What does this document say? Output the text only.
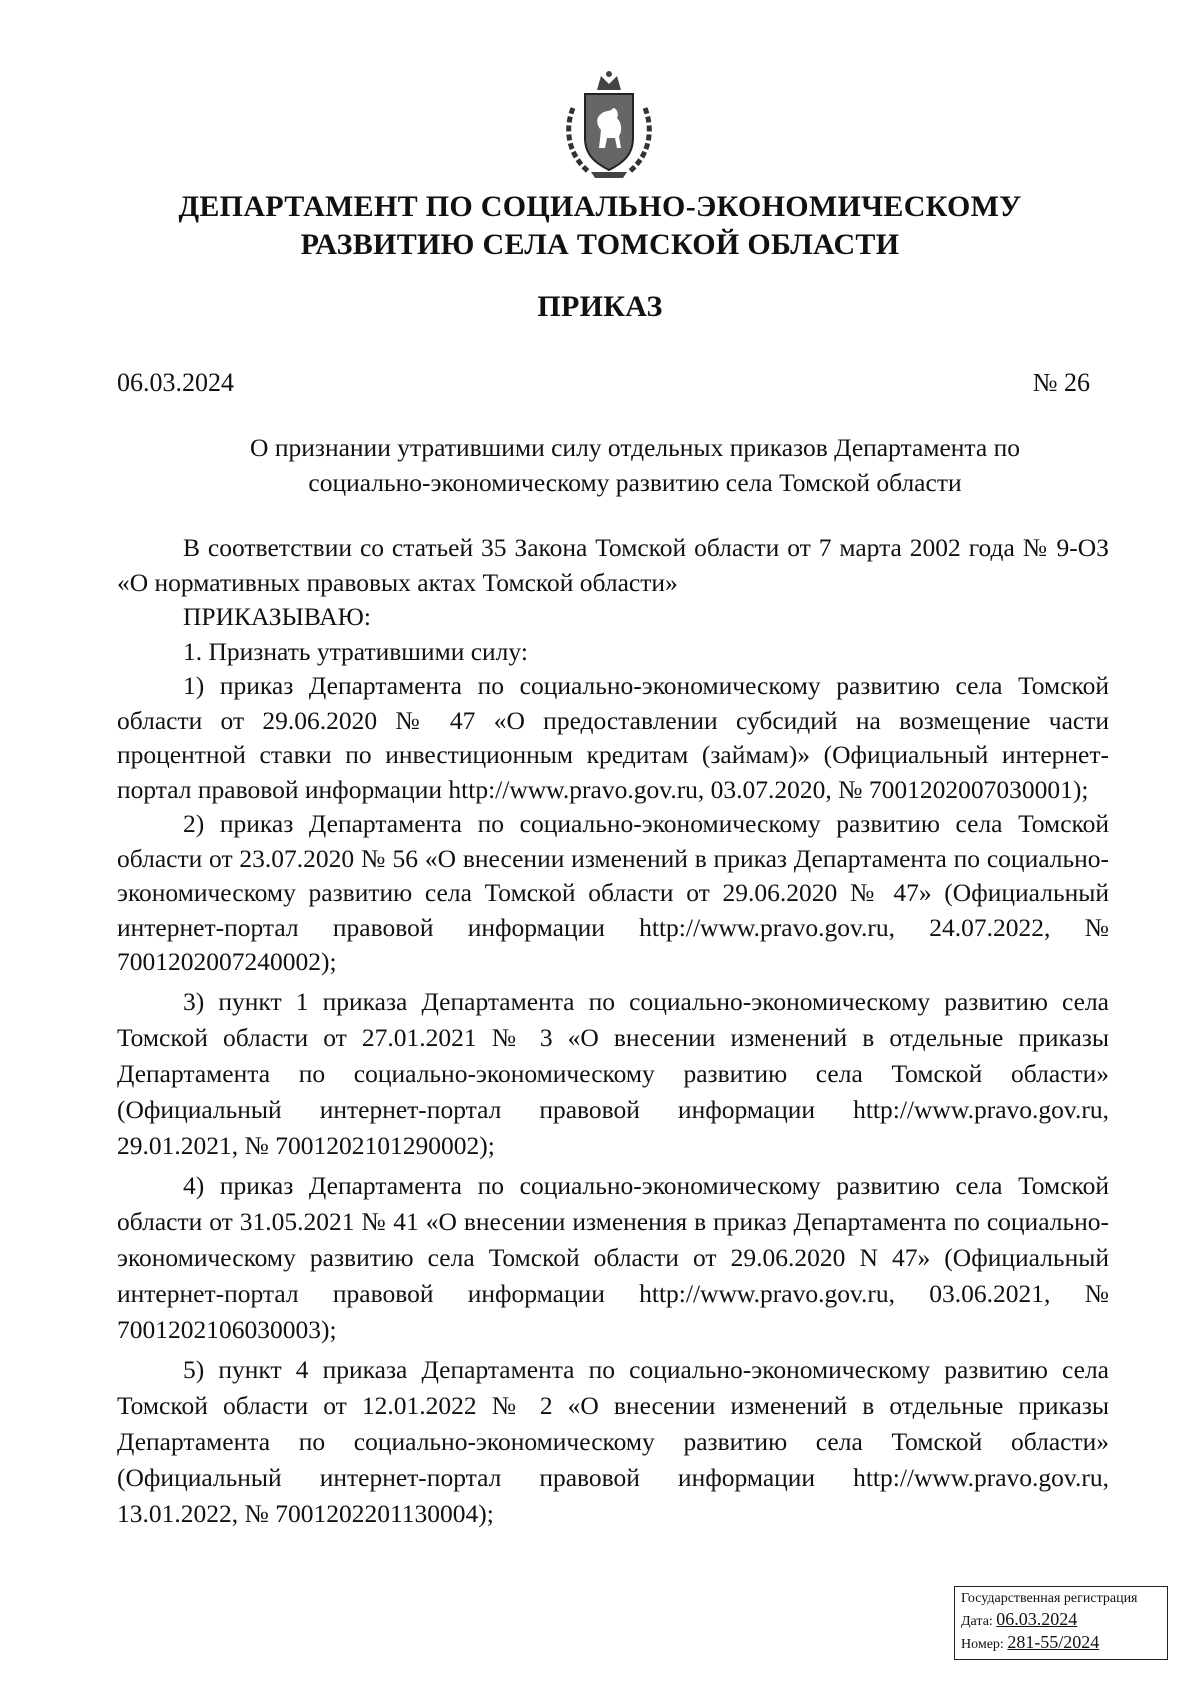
ДЕПАРТАМЕНТ ПО СОЦИАЛЬНО-ЭКОНОМИЧЕСКОМУ
РАЗВИТИЮ СЕЛА ТОМСКОЙ ОБЛАСТИ
ПРИКАЗ
06.03.2024	№ 26
О признании утратившими силу отдельных приказов Департамента по социально-экономическому развитию села Томской области

В соответствии со статьей 35 Закона Томской области от 7 марта 2002 года № 9-ОЗ «О нормативных правовых актах Томской области»

ПРИКАЗЫВАЮ:

1. Признать утратившими силу:

1) приказ Департамента по социально-экономическому развитию села Томской области от 29.06.2020 № 47 «О предоставлении субсидий на возмещение части процентной ставки по инвестиционным кредитам (займам)» (Официальный интернет-портал правовой информации http://www.pravo.gov.ru, 03.07.2020, № 7001202007030001);

2) приказ Департамента по социально-экономическому развитию села Томской области от 23.07.2020 № 56 «О внесении изменений в приказ Департамента по социально-экономическому развитию села Томской области от 29.06.2020 № 47» (Официальный интернет-портал правовой информации http://www.pravo.gov.ru, 24.07.2022, № 7001202007240002);

3) пункт 1 приказа Департамента по социально-экономическому развитию села Томской области от 27.01.2021 № 3 «О внесении изменений в отдельные приказы Департамента по социально-экономическому развитию села Томской области» (Официальный интернет-портал правовой информации http://www.pravo.gov.ru, 29.01.2021, № 7001202101290002);

4) приказ Департамента по социально-экономическому развитию села Томской области от 31.05.2021 № 41 «О внесении изменения в приказ Департамента по социально-экономическому развитию села Томской области от 29.06.2020 N 47» (Официальный интернет-портал правовой информации http://www.pravo.gov.ru, 03.06.2021, № 7001202106030003);

5) пункт 4 приказа Департамента по социально-экономическому развитию села Томской области от 12.01.2022 № 2 «О внесении изменений в отдельные приказы Департамента по социально-экономическому развитию села Томской области» (Официальный интернет-портал правовой информации http://www.pravo.gov.ru, 13.01.2022, № 7001202201130004);

Государственная регистрация
Дата: 06.03.2024
Номер: 281-55/2024
